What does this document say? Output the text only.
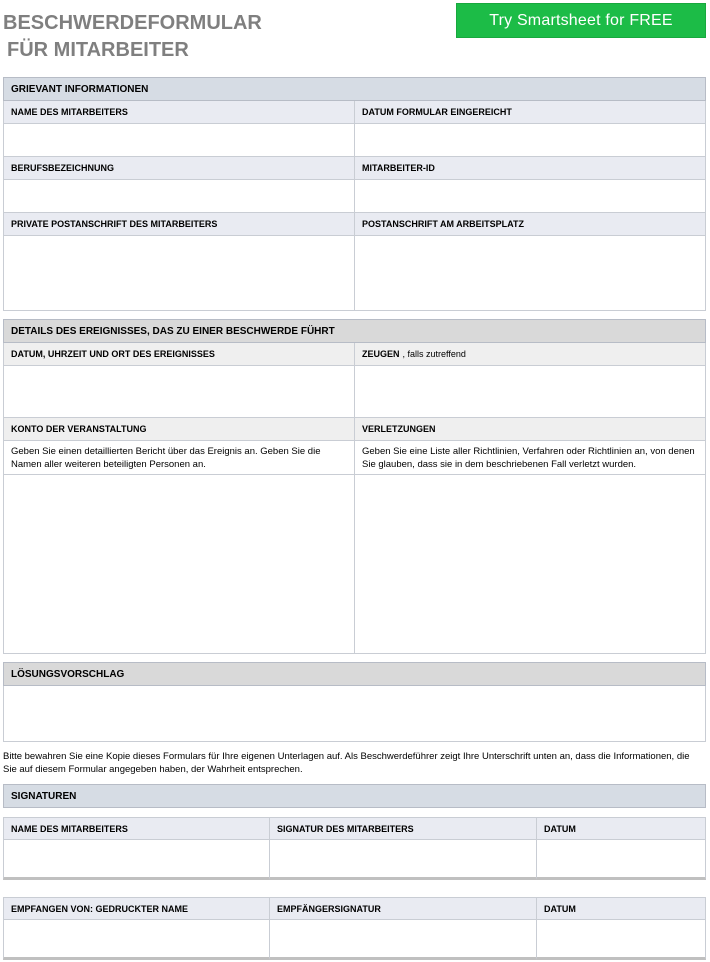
BESCHWERDEFORMULAR
FÜR MITARBEITER
Try Smartsheet for FREE
GRIEVANT INFORMATIONEN
NAME DES MITARBEITERS	DATUM FORMULAR EINGEREICHT
BERUFSBEZEICHNUNG	MITARBEITER-ID
PRIVATE POSTANSCHRIFT DES MITARBEITERS	POSTANSCHRIFT AM ARBEITSPLATZ
DETAILS DES EREIGNISSES, DAS ZU EINER BESCHWERDE FÜHRT
DATUM, UHRZEIT UND ORT DES EREIGNISSES	ZEUGEN , falls zutreffend
KONTO DER VERANSTALTUNG	VERLETZUNGEN
Geben Sie einen detaillierten Bericht über das Ereignis an. Geben Sie die Namen aller weiteren beteiligten Personen an.
Geben Sie eine Liste aller Richtlinien, Verfahren oder Richtlinien an, von denen Sie glauben, dass sie in dem beschriebenen Fall verletzt wurden.
LÖSUNGSVORSCHLAG
Bitte bewahren Sie eine Kopie dieses Formulars für Ihre eigenen Unterlagen auf. Als Beschwerdeführer zeigt Ihre Unterschrift unten an, dass die Informationen, die Sie auf diesem Formular angegeben haben, der Wahrheit entsprechen.
SIGNATUREN
NAME DES MITARBEITERS	SIGNATUR DES MITARBEITERS	DATUM
EMPFANGEN VON: GEDRUCKTER NAME	EMPFÄNGERSIGNATUR	DATUM
